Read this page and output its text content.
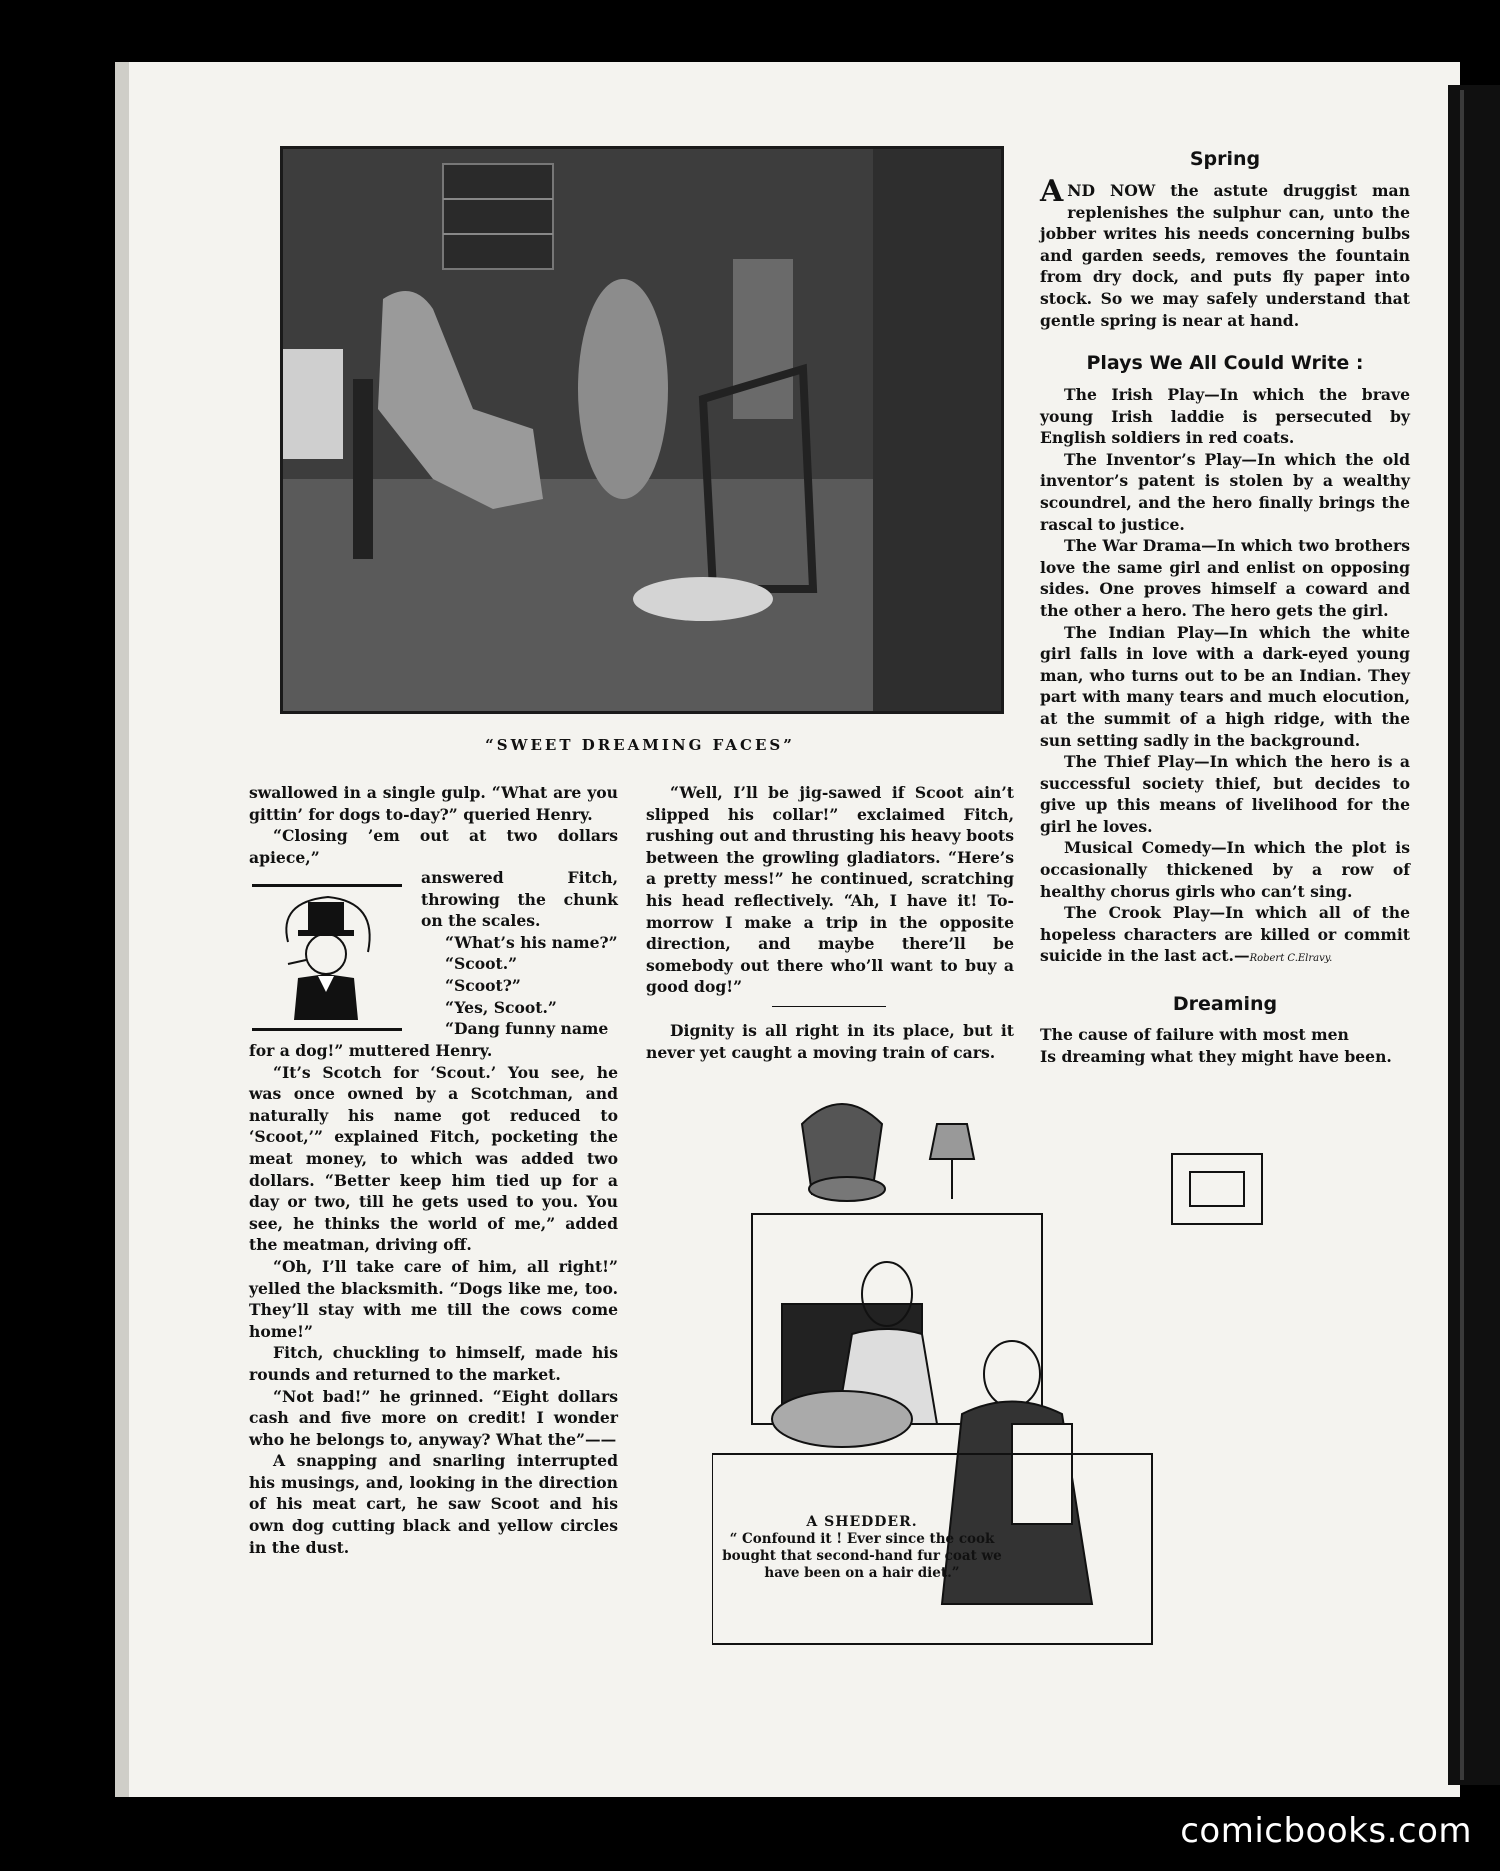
“SWEET DREAMING FACES”

swallowed in a single gulp. “What are you gittin’ for dogs to-day?” queried Henry.

“Closing ’em out at two dollars apiece,”

answered Fitch, throwing the chunk on the scales.

“What’s his name?”

“Scoot.”

“Scoot?”

“Yes, Scoot.”

“Dang funny name

for a dog!” muttered Henry.

“It’s Scotch for ‘Scout.’ You see, he was once owned by a Scotchman, and naturally his name got reduced to ‘Scoot,’” explained Fitch, pocketing the meat money, to which was added two dollars. “Better keep him tied up for a day or two, till he gets used to you. You see, he thinks the world of me,” added the meatman, driving off.

“Oh, I’ll take care of him, all right!” yelled the blacksmith. “Dogs like me, too. They’ll stay with me till the cows come home!”

Fitch, chuckling to himself, made his rounds and returned to the market.

“Not bad!” he grinned. “Eight dollars cash and five more on credit! I wonder who he belongs to, anyway? What the”——

A snapping and snarling interrupted his musings, and, looking in the direction of his meat cart, he saw Scoot and his own dog cutting black and yellow circles in the dust.

“Well, I’ll be jig-sawed if Scoot ain’t slipped his collar!” exclaimed Fitch, rushing out and thrusting his heavy boots between the growling gladiators. “Here’s a pretty mess!” he continued, scratching his head reflectively. “Ah, I have it! To-morrow I make a trip in the opposite direction, and maybe there’ll be somebody out there who’ll want to buy a good dog!”

Dignity is all right in its place, but it never yet caught a moving train of cars.

Spring

AND NOW the astute druggist man replenishes the sulphur can, unto the jobber writes his needs concerning bulbs and garden seeds, removes the fountain from dry dock, and puts fly paper into stock. So we may safely understand that gentle spring is near at hand.

Plays We All Could Write :

The Irish Play—In which the brave young Irish laddie is persecuted by English soldiers in red coats.

The Inventor’s Play—In which the old inventor’s patent is stolen by a wealthy scoundrel, and the hero finally brings the rascal to justice.

The War Drama—In which two brothers love the same girl and enlist on opposing sides. One proves himself a coward and the other a hero. The hero gets the girl.

The Indian Play—In which the white girl falls in love with a dark-eyed young man, who turns out to be an Indian. They part with many tears and much elocution, at the summit of a high ridge, with the sun setting sadly in the background.

The Thief Play—In which the hero is a successful society thief, but decides to give up this means of livelihood for the girl he loves.

Musical Comedy—In which the plot is occasionally thickened by a row of healthy chorus girls who can’t sing.

The Crook Play—In which all of the hopeless characters are killed or commit suicide in the last act.—Robert C.Elravy.

Dreaming

The cause of failure with most men

Is dreaming what they might have been.

A SHEDDER.

“ Confound it ! Ever since the cook

bought that second-hand fur coat we

have been on a hair diet.”

comicbooks.com
